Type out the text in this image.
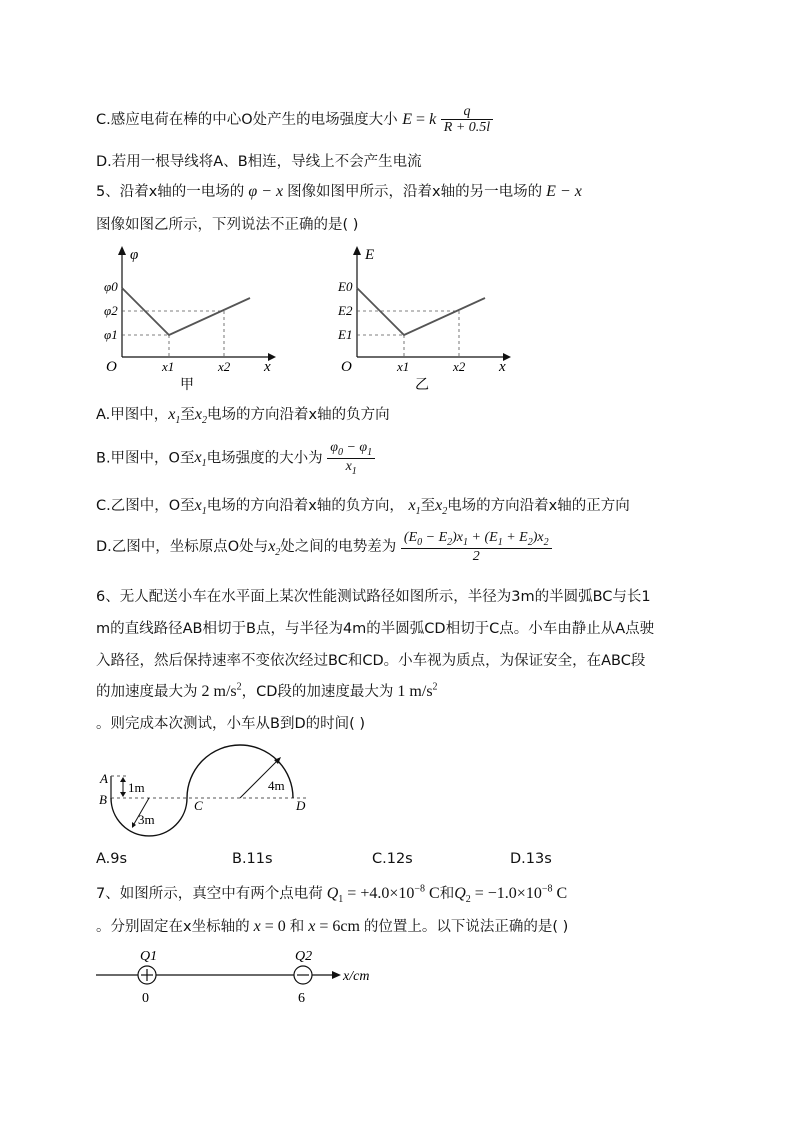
C.感应电荷在棒的中心O处产生的电场强度大小 E = k $\frac{q}{R + 0.5l}$
D.若用一根导线将A、B相连，导线上不会产生电流
5、沿着x轴的一电场的 φ − x 图像如图甲所示，沿着x轴的另一电场的 E − x
图像如图乙所示，下列说法不正确的是( )
φ
φ0
φ2
φ1
O	x1	x2 x
甲
E
E0
E2
E1
O	x1	x2 x
乙
A.甲图中，$x_1$至$x_2$电场的方向沿着x轴的负方向
B.甲图中，O至$x_1$电场强度的大小为 $\frac{\varphi_0 - \varphi_1}{x_1}$
C.乙图中，O至$x_1$电场的方向沿着x轴的负方向， $x_1$至$x_2$电场的方向沿着x轴的正方向
D.乙图中，坐标原点O处与$x_2$处之间的电势差为 $\frac{(E_0 - E_2)x_1 + (E_1 + E_2)x_2}{2}$
6、无人配送小车在水平面上某次性能测试路径如图所示，半径为3m的半圆弧BC与长1
m的直线路径AB相切于B点，与半径为4m的半圆弧CD相切于C点。小车由静止从A点驶
入路径，然后保持速率不变依次经过BC和CD。小车视为质点，为保证安全，在ABC段
的加速度最大为 2 $m/s^2$，CD段的加速度最大为 1 $m/s^2$
。则完成本次测试，小车从B到D的时间( )
A
B
1m
C	D
3m
4m
A.9s	B.11s	C.12s	D.13s
7、如图所示，真空中有两个点电荷 $Q_1 = +4.0\times 10^{-8}$ C和$Q_2 = -1.0\times 10^{-8}$ C
。分别固定在x坐标轴的 x = 0 和 x = 6cm 的位置上。以下说法正确的是( )
Q1	Q2
0	6
x/cm
